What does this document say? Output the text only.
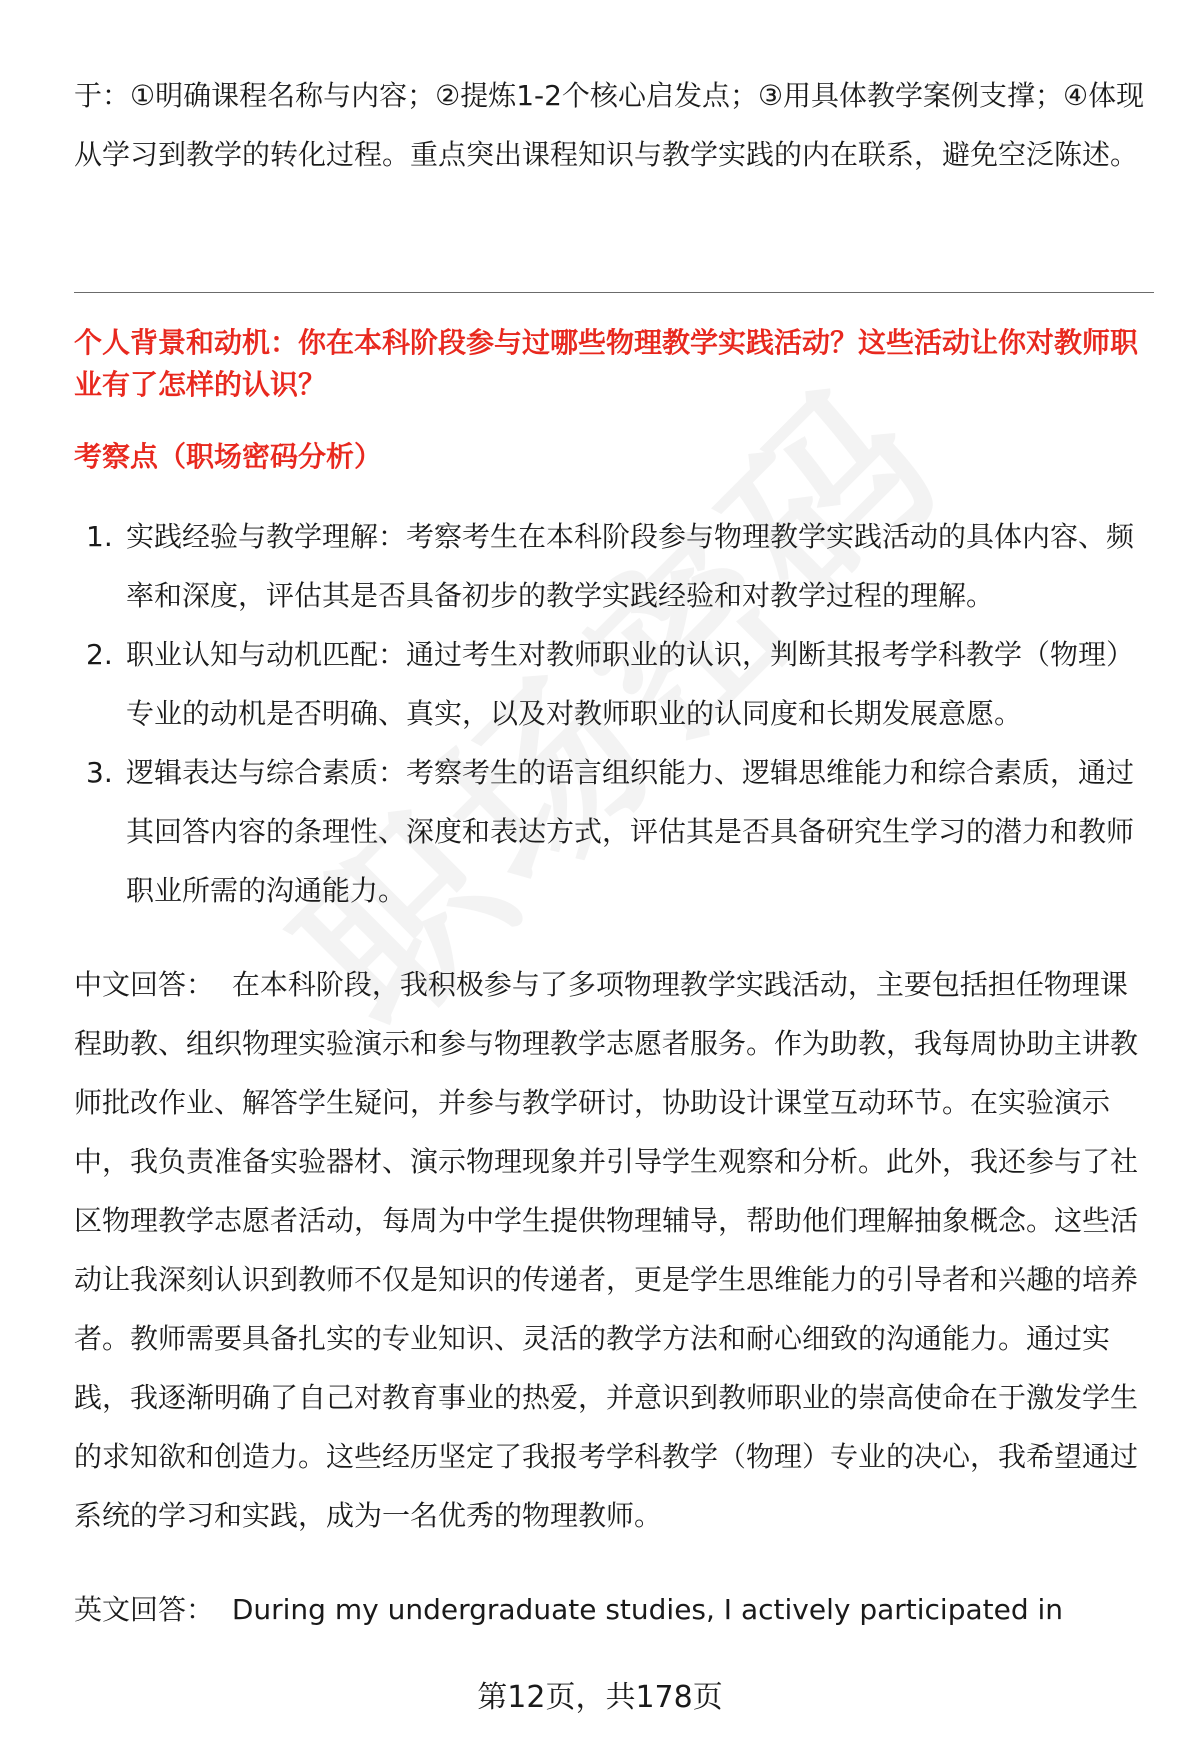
于：①明确课程名称与内容；②提炼1-2个核心启发点；③用具体教学案例支撑；④体现从学习到教学的转化过程。重点突出课程知识与教学实践的内在联系，避免空泛陈述。

个人背景和动机：你在本科阶段参与过哪些物理教学实践活动？这些活动让你对教师职业有了怎样的认识？

考察点（职场密码分析）

1. 实践经验与教学理解：考察考生在本科阶段参与物理教学实践活动的具体内容、频率和深度，评估其是否具备初步的教学实践经验和对教学过程的理解。
2. 职业认知与动机匹配：通过考生对教师职业的认识，判断其报考学科教学（物理）专业的动机是否明确、真实，以及对教师职业的认同度和长期发展意愿。
3. 逻辑表达与综合素质：考察考生的语言组织能力、逻辑思维能力和综合素质，通过其回答内容的条理性、深度和表达方式，评估其是否具备研究生学习的潜力和教师职业所需的沟通能力。

中文回答： 在本科阶段，我积极参与了多项物理教学实践活动，主要包括担任物理课程助教、组织物理实验演示和参与物理教学志愿者服务。作为助教，我每周协助主讲教师批改作业、解答学生疑问，并参与教学研讨，协助设计课堂互动环节。在实验演示中，我负责准备实验器材、演示物理现象并引导学生观察和分析。此外，我还参与了社区物理教学志愿者活动，每周为中学生提供物理辅导，帮助他们理解抽象概念。这些活动让我深刻认识到教师不仅是知识的传递者，更是学生思维能力的引导者和兴趣的培养者。教师需要具备扎实的专业知识、灵活的教学方法和耐心细致的沟通能力。通过实践，我逐渐明确了自己对教育事业的热爱，并意识到教师职业的崇高使命在于激发学生的求知欲和创造力。这些经历坚定了我报考学科教学（物理）专业的决心，我希望通过系统的学习和实践，成为一名优秀的物理教师。

英文回答： During my undergraduate studies, I actively participated in

第12页，共178页
